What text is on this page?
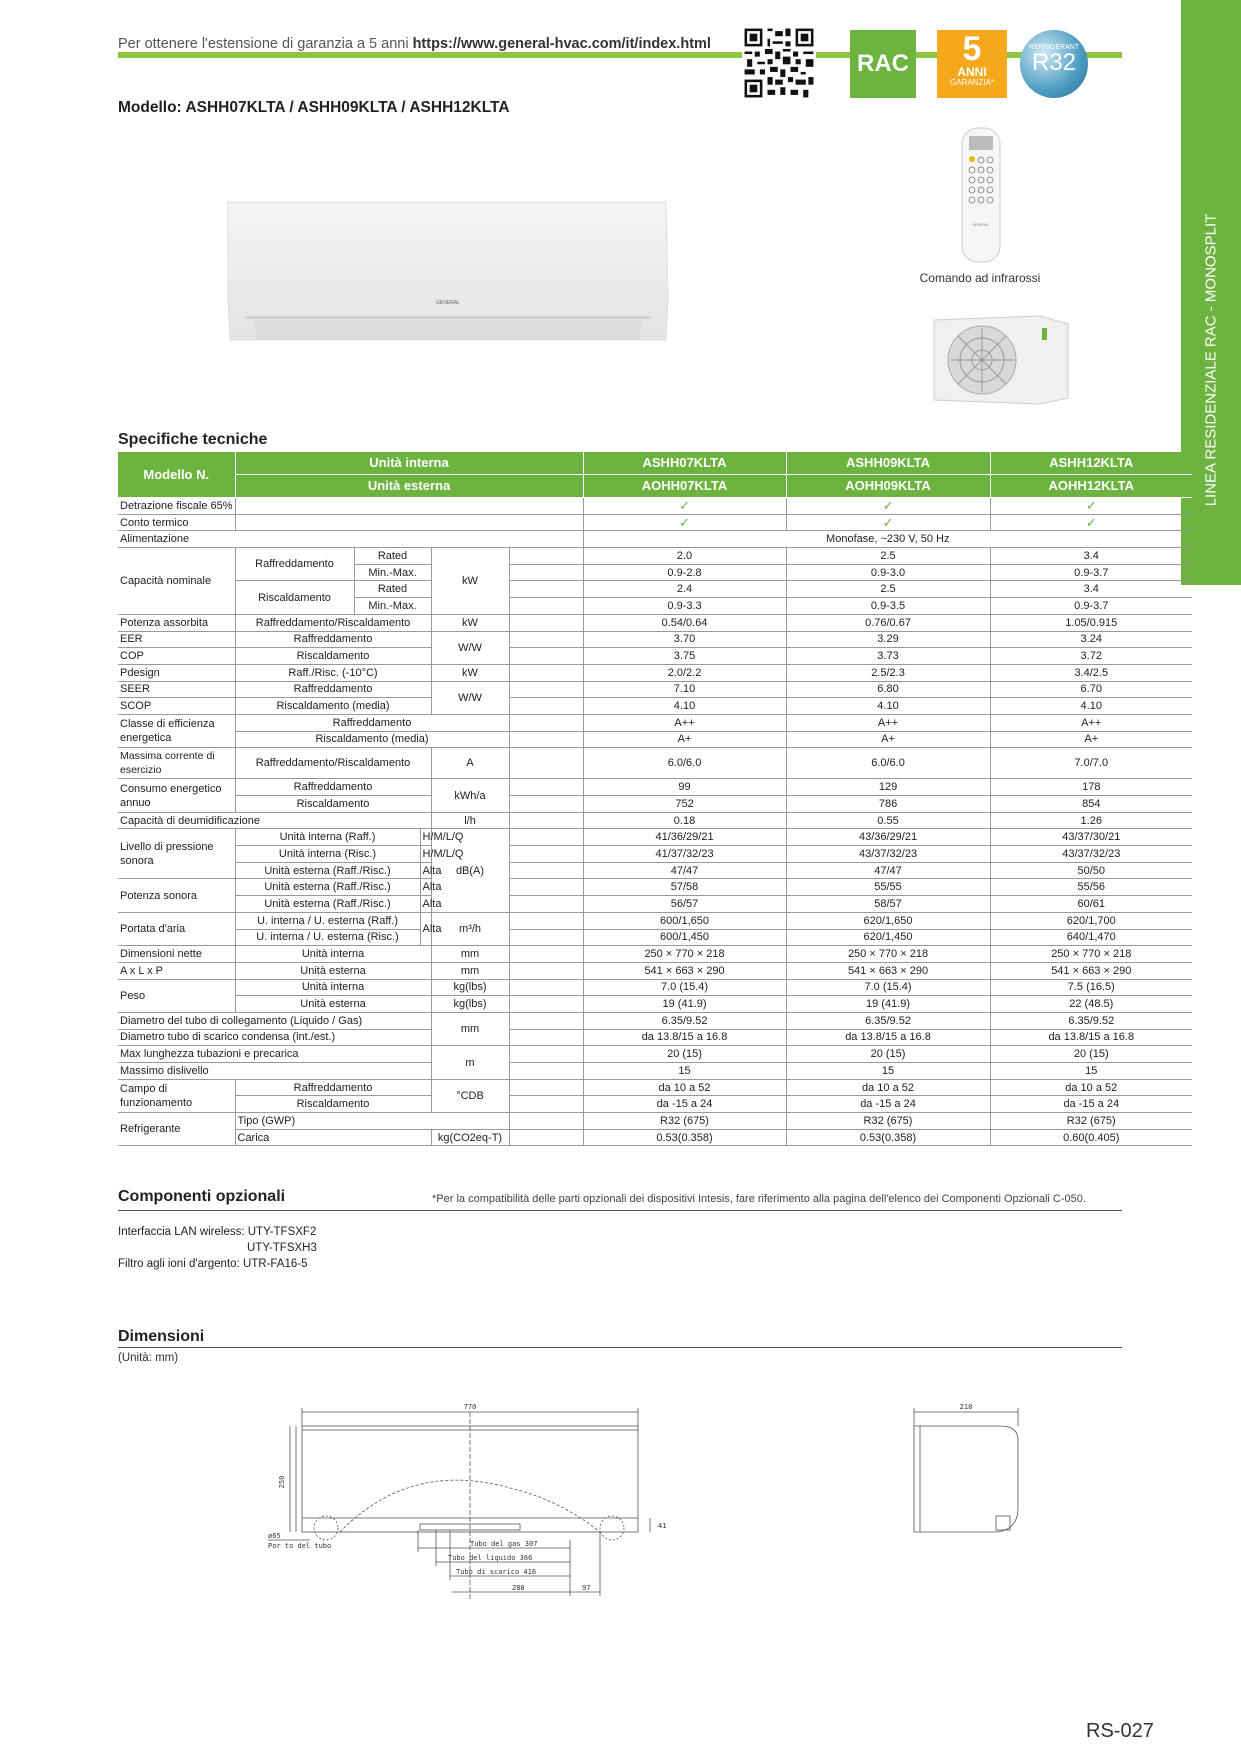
Per ottenere l'estensione di garanzia a 5 anni https://www.general-hvac.com/it/index.html
RAC	5
ANNI
GARANZIA*
REFRIGERANT
R32
LINEA RESIDENZIALE RAC - MONOSPLIT
Modello: ASHH07KLTA / ASHH09KLTA / ASHH12KLTA
GENERAL
GENERAL
Comando ad infrarossi
Specifiche tecniche
Modello N.	Unità interna					ASHH07KLTA	ASHH09KLTA	ASHH12KLTA
	Unità esterna					AOHH07KLTA	AOHH09KLTA	AOHH12KLTA
Detrazione fiscale 65%						✓	✓	✓
Conto termico						✓	✓	✓
Alimentazione						Monofase, ~230 V, 50 Hz		
Capacità nominale	Raffreddamento	Rated		kW		2.0	2.5	3.4
		Min.-Max.				0.9-2.8	0.9-3.0	0.9-3.7
	Riscaldamento	Rated				2.4	2.5	3.4
		Min.-Max.				0.9-3.3	0.9-3.5	0.9-3.7
Potenza assorbita	Raffreddamento/Riscaldamento			kW		0.54/0.64	0.76/0.67	1.05/0.915
EER	Raffreddamento			W/W		3.70	3.29	3.24
COP	Riscaldamento					3.75	3.73	3.72
Pdesign	Raff./Risc. (-10°C)			kW		2.0/2.2	2.5/2.3	3.4/2.5
SEER	Raffreddamento			W/W		7.10	6.80	6.70
SCOP	Riscaldamento (media)					4.10	4.10	4.10
Classe di efficienza energetica	Raffreddamento					A++	A++	A++
	Riscaldamento (media)					A+	A+	A+
Massima corrente di esercizio	Raffreddamento/Riscaldamento			A		6.0/6.0	6.0/6.0	7.0/7.0
Consumo energetico annuo	Raffreddamento			kWh/a		99	129	178
	Riscaldamento					752	786	854
Capacità di deumidificazione				l/h		0.18	0.55	1.26
Livello di pressione sonora	Unità interna (Raff.)		H/M/L/Q	dB(A)		41/36/29/21	43/36/29/21	43/37/30/21
	Unità interna (Risc.)		H/M/L/Q			41/37/32/23	43/37/32/23	43/37/32/23
	Unità esterna (Raff./Risc.)		Alta			47/47	47/47	50/50
Potenza sonora	Unità esterna (Raff./Risc.)		Alta			57/58	55/55	55/56
	Unità esterna (Raff./Risc.)		Alta			56/57	58/57	60/61
Portata d'aria	U. interna / U. esterna (Raff.)		Alta	m³/h		600/1,650	620/1,650	620/1,700
	U. interna / U. esterna (Risc.)					600/1,450	620/1,450	640/1,470
Dimensioni nette	Unità interna			mm		250 × 770 × 218	250 × 770 × 218	250 × 770 × 218
A x L x P	Unità esterna			mm		541 × 663 × 290	541 × 663 × 290	541 × 663 × 290
Peso	Unità interna			kg(lbs)		7.0 (15.4)	7.0 (15.4)	7.5 (16.5)
	Unità esterna			kg(lbs)		19 (41.9)	19 (41.9)	22 (48.5)
Diametro del tubo di collegamento (Liquido / Gas)				mm		6.35/9.52	6.35/9.52	6.35/9.52
Diametro tubo di scarico condensa (int./est.)						da 13.8/15 a 16.8	da 13.8/15 a 16.8	da 13.8/15 a 16.8
Max lunghezza tubazioni e precarica				m		20 (15)	20 (15)	20 (15)
Massimo dislivello						15	15	15
Campo di funzionamento	Raffreddamento			°CDB		da 10 a 52	da 10 a 52	da 10 a 52
	Riscaldamento					da -15 a 24	da -15 a 24	da -15 a 24
Refrigerante	Tipo (GWP)					R32 (675)	R32 (675)	R32 (675)
	Carica			kg(CO2eq-T)		0.53(0.358)	0.53(0.358)	0.60(0.405)
Componenti opzionali	*Per la compatibilità delle parti opzionali dei dispositivi Intesis, fare riferimento alla pagina dell'elenco dei Componenti Opzionali C-050.
Interfaccia LAN wireless: UTY-TFSXF2
UTY-TFSXH3
Filtro agli ioni d'argento: UTR-FA16-5
Dimensioni
(Unità: mm)
770
250
41
ø65
Por to del tubo	Tubo del gas 307
Tubo del liquido 366
Tubo di scarico 416
288	97
218
RS-027
